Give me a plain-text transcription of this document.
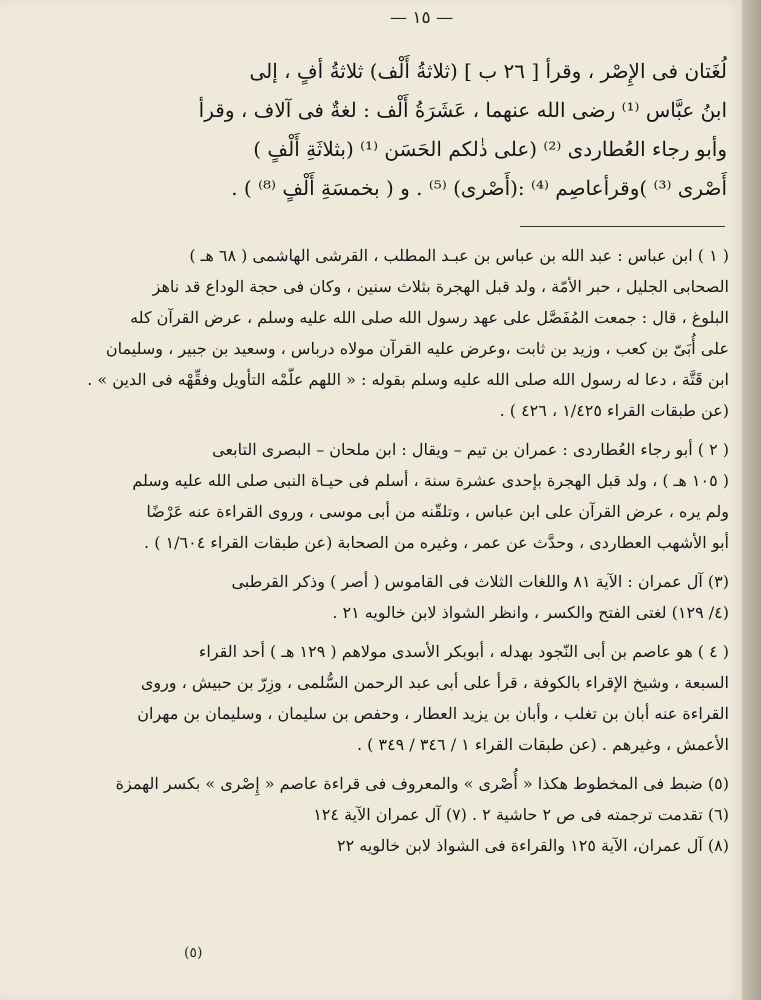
— ١٥ —
لُغَتان فى الإِصْر ، وقرأ [ ٢٦ ب ] (ثلاثةُ أَلْف) ثلاثةُ أفٍ ، إلى
ابنُ عبَّاس ⁽¹⁾ رضى الله عنهما ، عَشَرَةُ أَلْف : لغةٌ فى آلاف ، وقرأ
وأبو رجاء العُطاردى ⁽²⁾ (على ذٰلكم الحَسَن ⁽¹⁾ (بثلاثَةِ أَلْفٍ )
أَصْرى ⁽³⁾ )وقرأعاصِم ⁽⁴⁾ :(أَصْرى) ⁽⁵⁾ . و ( بخمسَةِ أَلْفٍ ⁽⁸⁾ ) .
( ١ ) ابن عباس : عبد الله بن عباس بن عبـد المطلب ، القرشى الهاشمى ( ٦٨ هـ )
الصحابى الجليل ، حبر الأمّة ، ولد قبل الهجرة بثلاث سنين ، وكان فى حجة الوداع قد ناهز
البلوغ ، قال : جمعت المُفَصَّل على عهد رسول الله صلى الله عليه وسلم ، عرض القرآن كله
على أُبَىّ بن كعب ، وزيد بن ثابت ،وعرض عليه القرآن مولاه درباس ، وسعيد بن جبير ، وسليمان
ابن قَتَّة ، دعا له رسول الله صلى الله عليه وسلم بقوله : « اللهم علّمْه التأويل وفقِّهْه فى الدين » .
(عن طبقات القراء ١/٤٢٥ ، ٤٢٦ ) .
( ٢ ) أبو رجاء العُطاردى : عمران بن تيم – ويقال : ابن ملحان – البصرى التابعى
( ١٠٥ هـ ) ، ولد قبل الهجرة بإحدى عشرة سنة ، أسلم فى حيـاة النبى صلى الله عليه وسلم
ولم يره ، عرض القرآن على ابن عباس ، وتلقّنه من أبى موسى ، وروى القراءة عنه عَرْضًا
أبو الأشهب العطاردى ، وحدَّث عن عمر ، وغيره من الصحابة (عن طبقات القراء ١/٦٠٤ ) .
(٣) آل عمران : الآية ٨١ واللغات الثلاث فى القاموس ( أصر ) وذكر القرطبى
(٤/ ١٢٩) لغتى الفتح والكسر ، وانظر الشواذ لابن خالويه ٢١ .
( ٤ ) هو عاصم بن أبى النّجود بهدله ، أبوبكر الأسدى مولاهم ( ١٢٩ هـ ) أحد القراء
السبعة ، وشيخ الإقراء بالكوفة ، قرأ على أبى عبد الرحمن السُّلمى ، وزِرّ بن حبيش ، وروى
القراءة عنه أبان بن تغلب ، وأبان بن يزيد العطار ، وحفص بن سليمان ، وسليمان بن مهران
الأعمش ، وغيرهم . (عن طبقات القراء ١ / ٣٤٦ / ٣٤٩ ) .
(٥) ضبط فى المخطوط هكذا « أُصْرى » والمعروف فى قراءة عاصم « إِصْرى » بكسر الهمزة
(٦) تقدمت ترجمته فى ص ٢ حاشية ٢ . (٧) آل عمران الآية ١٢٤
(٨) آل عمران، الآية ١٢٥ والقراءة فى الشواذ لابن خالويه ٢٢
(٥)
